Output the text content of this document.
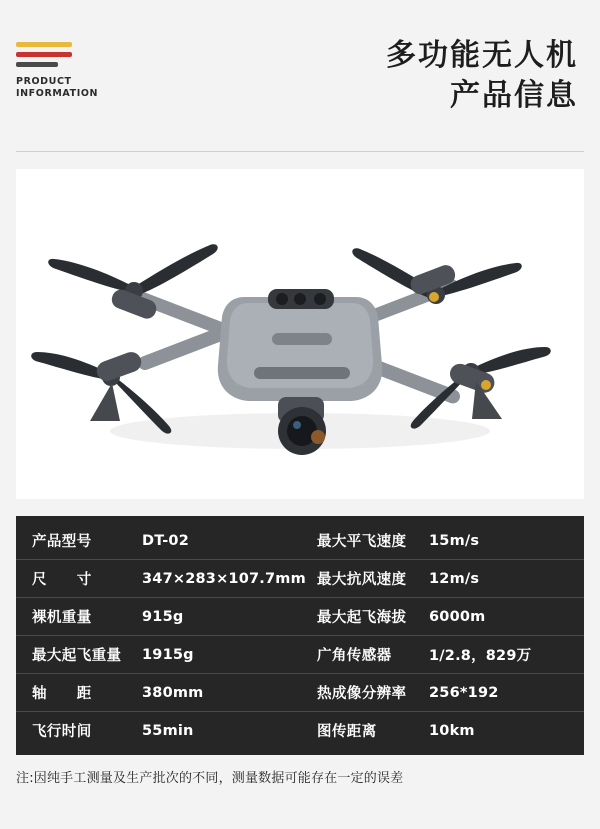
PRODUCT
INFORMATION
多功能无人机
产品信息
产品型号	DT-02	最大平飞速度	15m/s
尺　　寸	347×283×107.7mm	最大抗风速度	12m/s
裸机重量	915g	最大起飞海拔	6000m
最大起飞重量	1915g	广角传感器	1/2.8，829万
轴　　距	380mm	热成像分辨率	256*192
飞行时间	55min	图传距离	10km
注:因纯手工测量及生产批次的不同，测量数据可能存在一定的误差
